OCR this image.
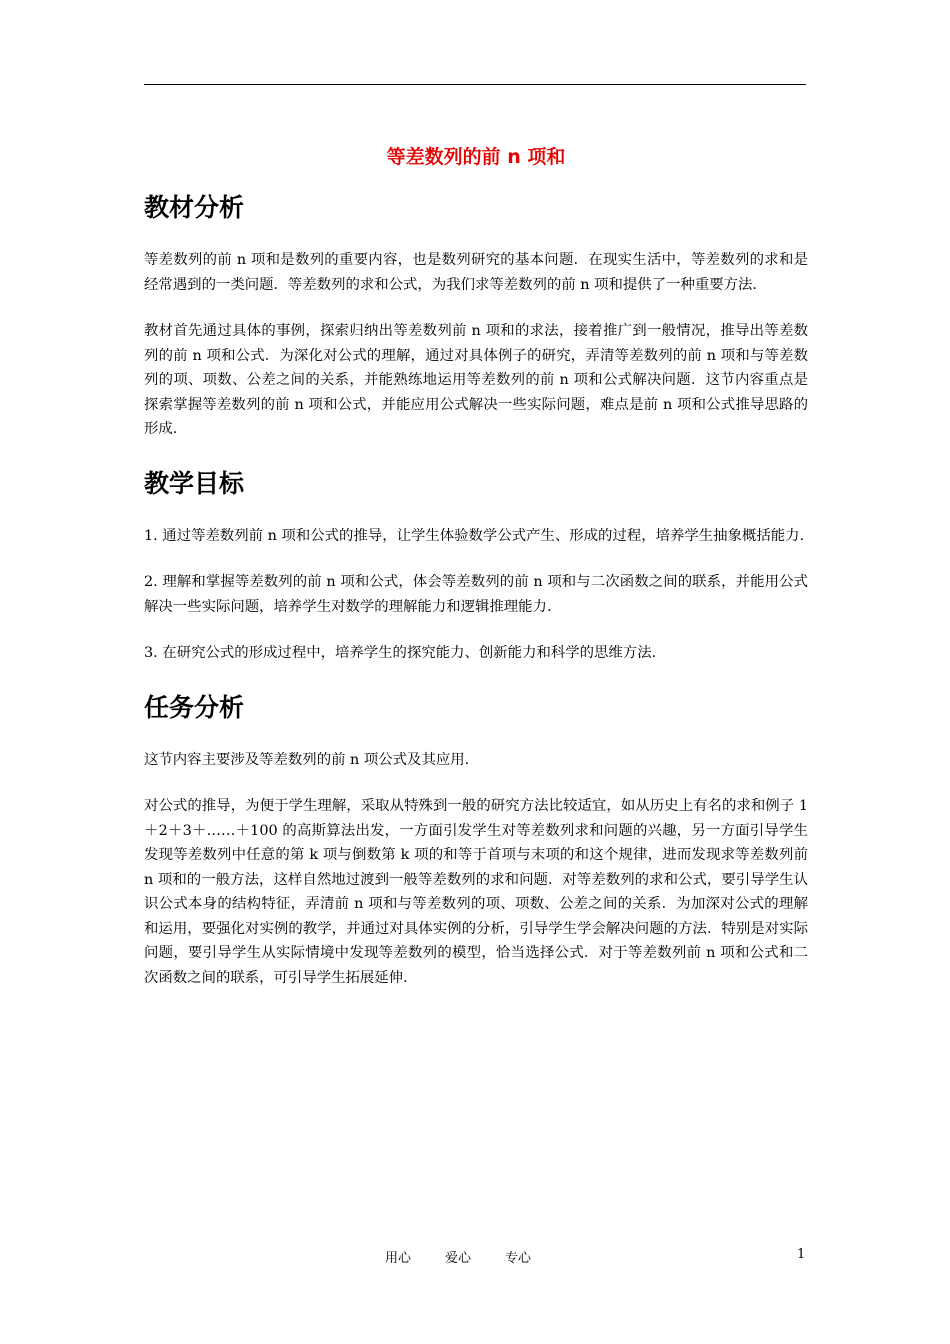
等差数列的前 n 项和
教材分析

等差数列的前 n 项和是数列的重要内容，也是数列研究的基本问题．在现实生活中，等差数列的求和是经常遇到的一类问题．等差数列的求和公式，为我们求等差数列的前 n 项和提供了一种重要方法.

教材首先通过具体的事例，探索归纳出等差数列前 n 项和的求法，接着推广到一般情况，推导出等差数列的前 n 项和公式．为深化对公式的理解，通过对具体例子的研究，弄清等差数列的前 n 项和与等差数列的项、项数、公差之间的关系，并能熟练地运用等差数列的前 n 项和公式解决问题．这节内容重点是探索掌握等差数列的前 n 项和公式，并能应用公式解决一些实际问题，难点是前 n 项和公式推导思路的形成.

教学目标

1. 通过等差数列前 n 项和公式的推导，让学生体验数学公式产生、形成的过程，培养学生抽象概括能力.

2. 理解和掌握等差数列的前 n 项和公式，体会等差数列的前 n 项和与二次函数之间的联系，并能用公式解决一些实际问题，培养学生对数学的理解能力和逻辑推理能力.

3. 在研究公式的形成过程中，培养学生的探究能力、创新能力和科学的思维方法.

任务分析

这节内容主要涉及等差数列的前 n 项公式及其应用.

对公式的推导，为便于学生理解，采取从特殊到一般的研究方法比较适宜，如从历史上有名的求和例子 1＋2＋3＋……＋100 的高斯算法出发，一方面引发学生对等差数列求和问题的兴趣，另一方面引导学生发现等差数列中任意的第 k 项与倒数第 k 项的和等于首项与末项的和这个规律，进而发现求等差数列前 n 项和的一般方法，这样自然地过渡到一般等差数列的求和问题．对等差数列的求和公式，要引导学生认识公式本身的结构特征，弄清前 n 项和与等差数列的项、项数、公差之间的关系．为加深对公式的理解和运用，要强化对实例的教学，并通过对具体实例的分析，引导学生学会解决问题的方法．特别是对实际问题，要引导学生从实际情境中发现等差数列的模型，恰当选择公式．对于等差数列前 n 项和公式和二次函数之间的联系，可引导学生拓展延伸.

用心	爱心	专心	1
